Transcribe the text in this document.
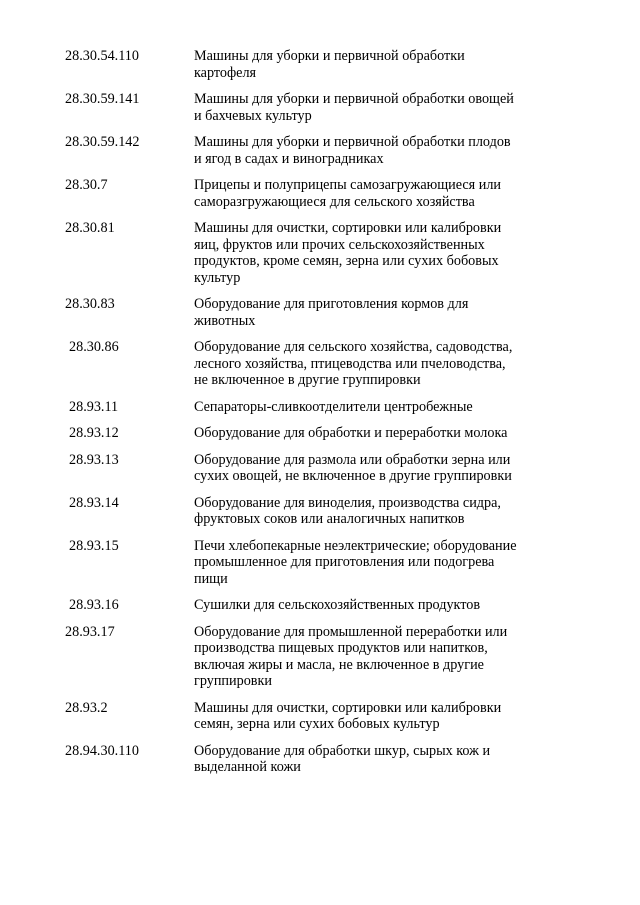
28.30.54.110	Машины для уборки и первичной обработки
картофеля
28.30.59.141	Машины для уборки и первичной обработки овощей
и бахчевых культур
28.30.59.142	Машины для уборки и первичной обработки плодов
и ягод в садах и виноградниках
28.30.7	Прицепы и полуприцепы самозагружающиеся или
саморазгружающиеся для сельского хозяйства
28.30.81	Машины для очистки, сортировки или калибровки
яиц, фруктов или прочих сельскохозяйственных
продуктов, кроме семян, зерна или сухих бобовых
культур
28.30.83	Оборудование для приготовления кормов для
животных
28.30.86	Оборудование для сельского хозяйства, садоводства,
лесного хозяйства, птицеводства или пчеловодства,
не включенное в другие группировки
28.93.11	Сепараторы-сливкоотделители центробежные
28.93.12	Оборудование для обработки и переработки молока
28.93.13	Оборудование для размола или обработки зерна или
сухих овощей, не включенное в другие группировки
28.93.14	Оборудование для виноделия, производства сидра,
фруктовых соков или аналогичных напитков
28.93.15	Печи хлебопекарные неэлектрические; оборудование
промышленное для приготовления или подогрева
пищи
28.93.16	Сушилки для сельскохозяйственных продуктов
28.93.17	Оборудование для промышленной переработки или
производства пищевых продуктов или напитков,
включая жиры и масла, не включенное в другие
группировки
28.93.2	Машины для очистки, сортировки или калибровки
семян, зерна или сухих бобовых культур
28.94.30.110	Оборудование для обработки шкур, сырых кож и
выделанной кожи
